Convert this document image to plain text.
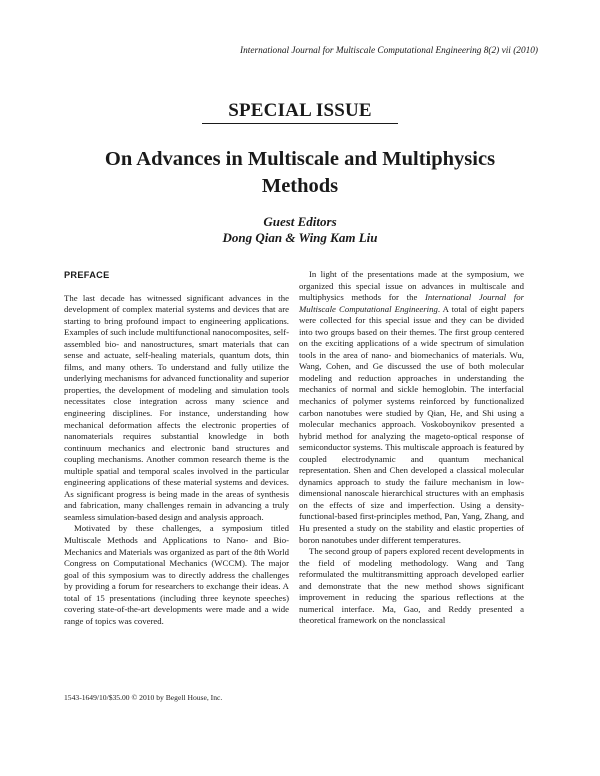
International Journal for Multiscale Computational Engineering 8(2) vii (2010)
SPECIAL ISSUE
On Advances in Multiscale and Multiphysics Methods
Guest Editors
Dong Qian & Wing Kam Liu
PREFACE

The last decade has witnessed significant advances in the development of complex material systems and devices that are starting to bring profound impact to engineering applications. Examples of such include multifunctional nanocomposites, self-assembled bio- and nanostructures, smart materials that can sense and actuate, self-healing materials, quantum dots, thin films, and many others. To understand and fully utilize the underlying mechanisms for advanced functionality and superior properties, the development of modeling and simulation tools necessitates close integration across many science and engineering disciplines. For instance, understanding how mechanical deformation affects the electronic properties of nanomaterials requires substantial knowledge in both continuum mechanics and electronic band structures and coupling mechanisms. Another common research theme is the multiple spatial and temporal scales involved in the particular engineering applications of these material systems and devices. As significant progress is being made in the areas of synthesis and fabrication, many challenges remain in advancing a truly seamless simulation-based design and analysis approach.

Motivated by these challenges, a symposium titled Multiscale Methods and Applications to Nano- and Bio-Mechanics and Materials was organized as part of the 8th World Congress on Computational Mechanics (WCCM). The major goal of this symposium was to directly address the challenges by providing a forum for researchers to exchange their ideas. A total of 15 presentations (including three keynote speeches) covering state-of-the-art developments were made and a wide range of topics was covered.

In light of the presentations made at the symposium, we organized this special issue on advances in multiscale and multiphysics methods for the International Journal for Multiscale Computational Engineering. A total of eight papers were collected for this special issue and they can be divided into two groups based on their themes. The first group centered on the exciting applications of a wide spectrum of simulation tools in the area of nano- and biomechanics of materials. Wu, Wang, Cohen, and Ge discussed the use of both molecular modeling and reduction approaches in understanding the mechanics of normal and sickle hemoglobin. The interfacial mechanics of polymer systems reinforced by functionalized carbon nanotubes were studied by Qian, He, and Shi using a molecular mechanics approach. Voskoboynikov presented a hybrid method for analyzing the mageto-optical response of semiconductor systems. This multiscale approach is featured by coupled electrodynamic and quantum mechanical representation. Shen and Chen developed a classical molecular dynamics approach to study the failure mechanism in low-dimensional nanoscale hierarchical structures with an emphasis on the effects of size and imperfection. Using a density-functional-based first-principles method, Pan, Yang, Zhang, and Hu presented a study on the stability and elastic properties of boron nanotubes under different temperatures.

The second group of papers explored recent developments in the field of modeling methodology. Wang and Tang reformulated the multitransmitting approach developed earlier and demonstrate that the new method shows significant improvement in reducing the sparious reflections at the numerical interface. Ma, Gao, and Reddy presented a theoretical framework on the nonclassical

1543-1649/10/$35.00 © 2010 by Begell House, Inc.
